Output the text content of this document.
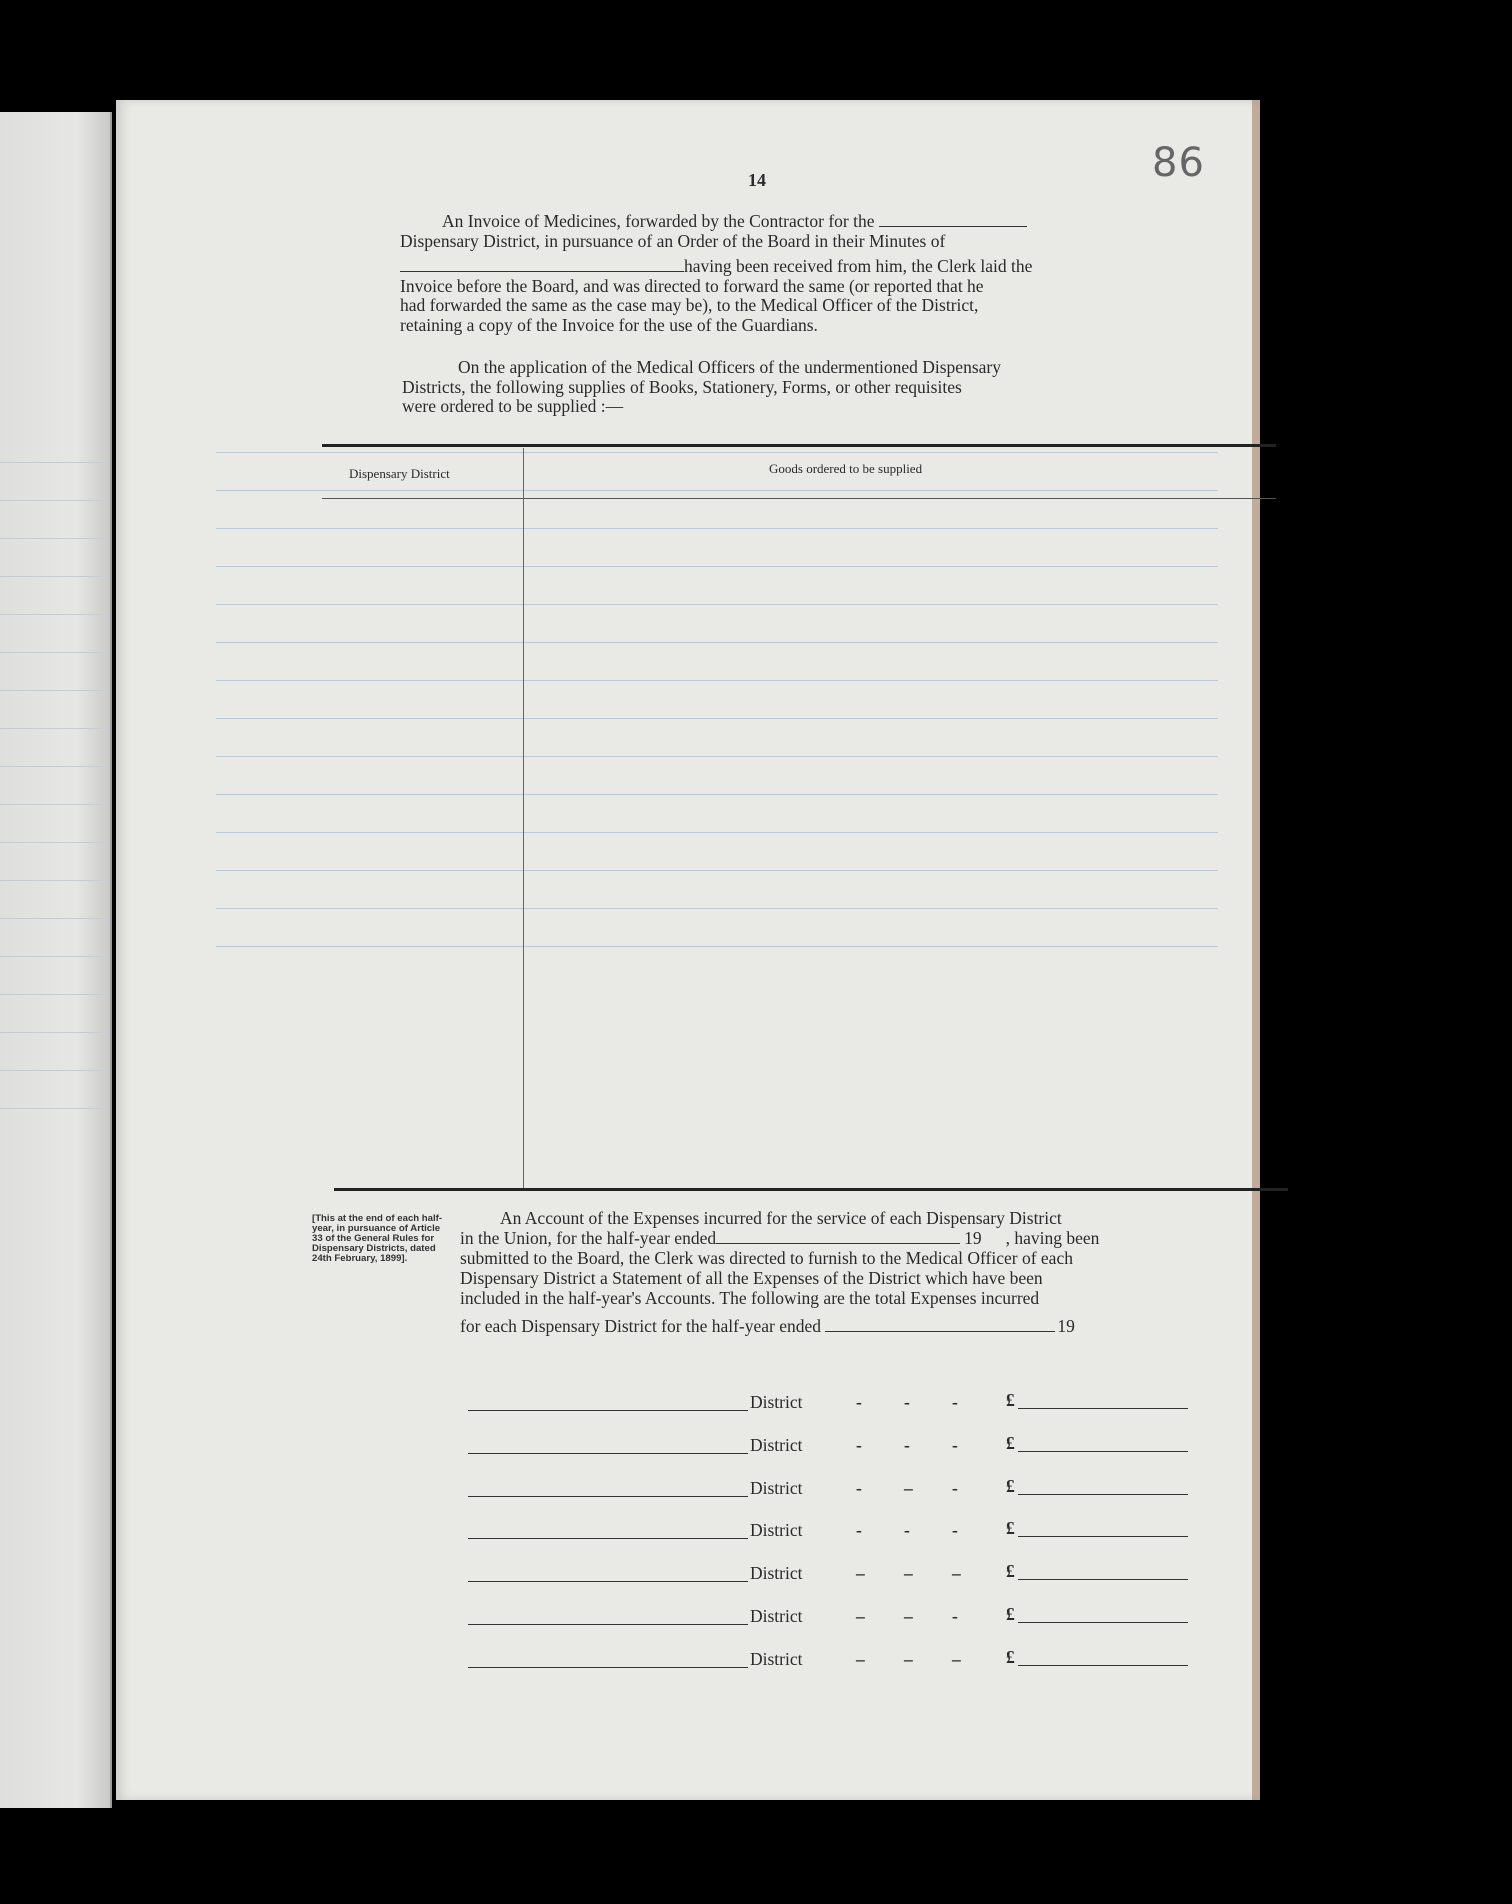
14	86
An Invoice of Medicines, forwarded by the Contractor for the
Dispensary District, in pursuance of an Order of the Board in their Minutes of
having been received from him, the Clerk laid the
Invoice before the Board, and was directed to forward the same (or reported that he
had forwarded the same as the case may be), to the Medical Officer of the District,
retaining a copy of the Invoice for the use of the Guardians.
On the application of the Medical Officers of the undermentioned Dispensary
Districts, the following supplies of Books, Stationery, Forms, or other requisites
were ordered to be supplied :—
Dispensary District	Goods ordered to be supplied
[This at the end of each half-year, in pursuance of Article 33 of the General Rules for Dispensary Districts, dated 24th February, 1899].
An Account of the Expenses incurred for the service of each Dispensary District
in the Union, for the half-year ended	19 , having been
submitted to the Board, the Clerk was directed to furnish to the Medical Officer of each
Dispensary District a Statement of all the Expenses of the District which have been
included in the half-year's Accounts. The following are the total Expenses incurred
for each Dispensary District for the half-year ended	19
District	- - -	£
District	- - -	£
District	- – -	£
District	- - -	£
District	– – –	£
District	– – -	£
District	– – –	£
